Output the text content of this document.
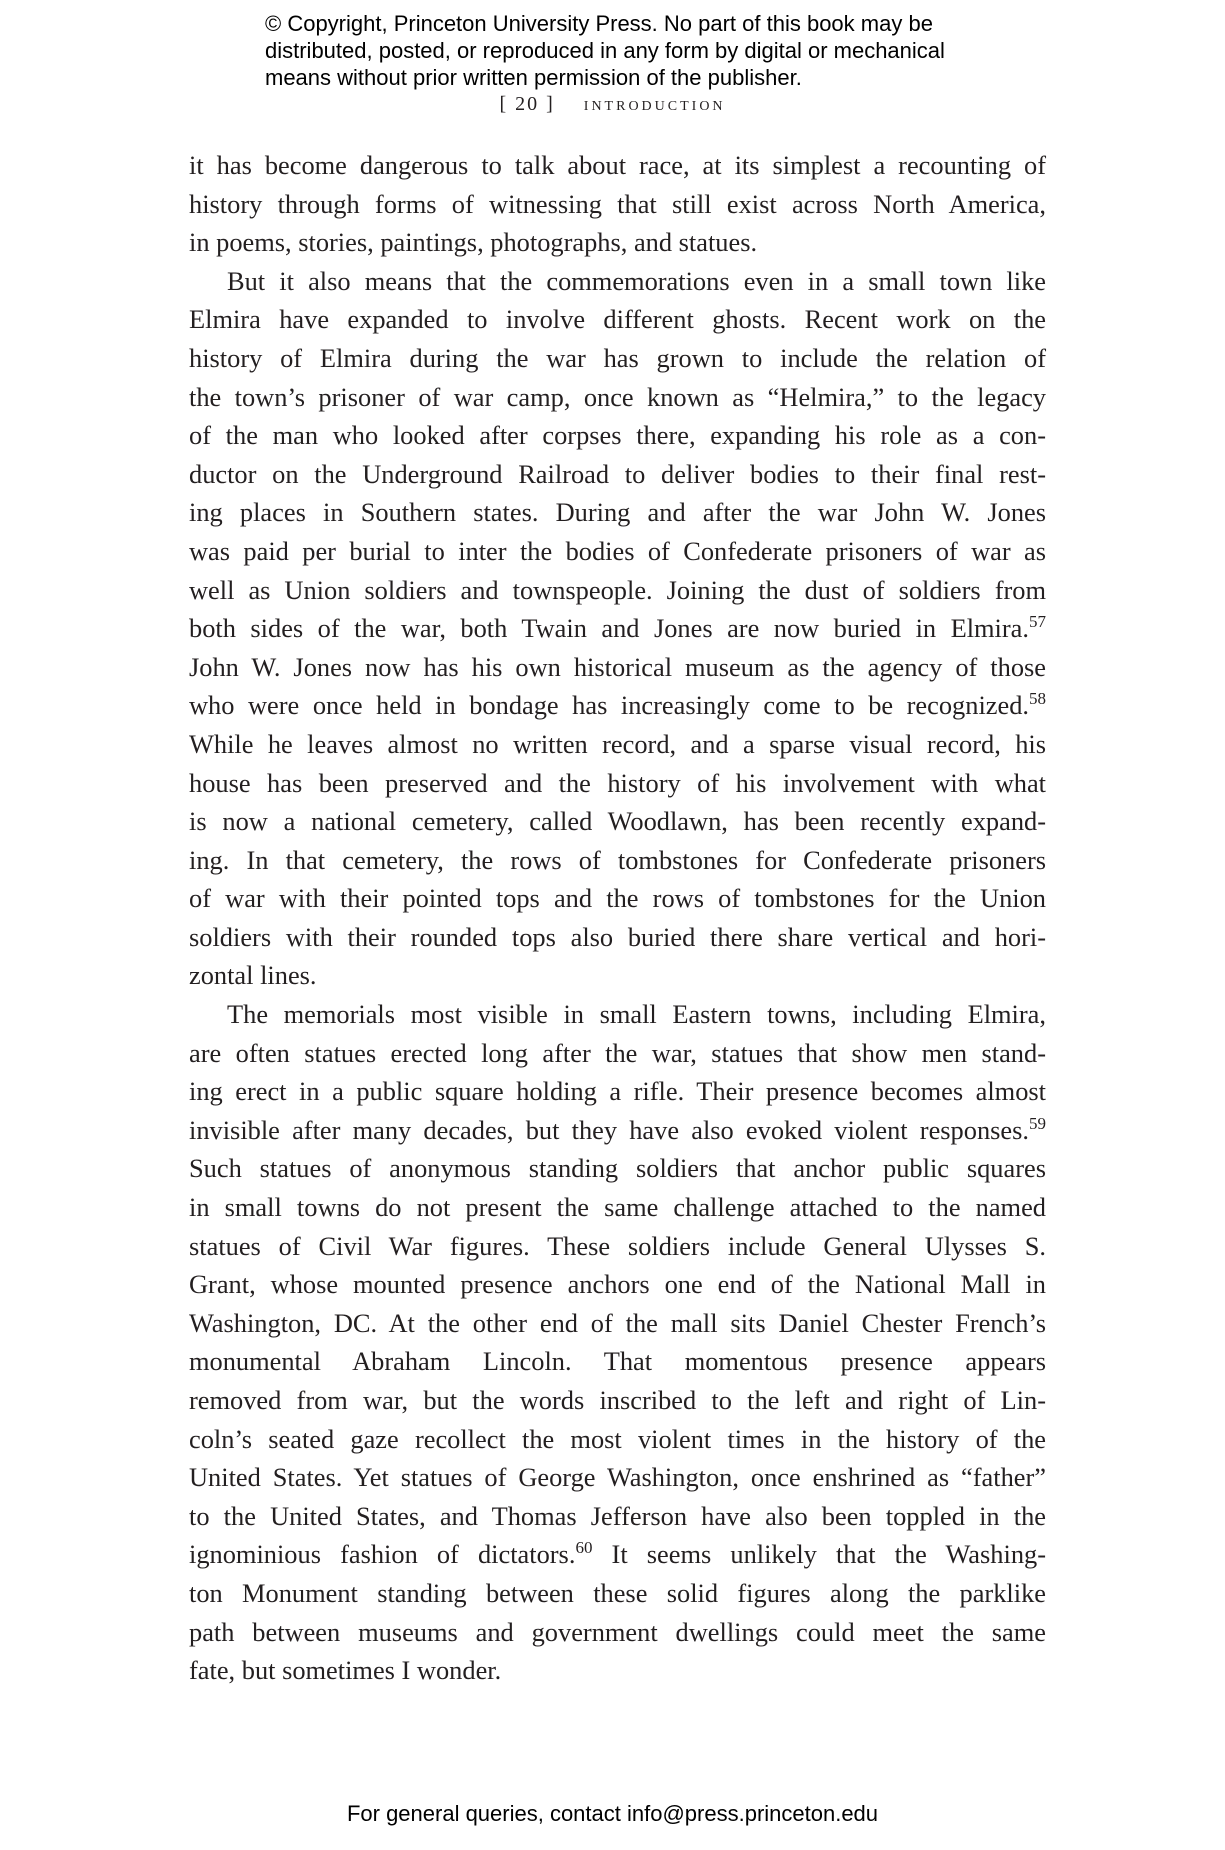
© Copyright, Princeton University Press. No part of this book may be

distributed, posted, or reproduced in any form by digital or mechanical

means without prior written permission of the publisher.

[ 20 ] introduction
it has become dangerous to talk about race, at its simplest a recounting of
history through forms of witnessing that still exist across North America,
in poems, stories, paintings, photographs, and statues.
But it also means that the commemorations even in a small town like
Elmira have expanded to involve different ghosts. Recent work on the
history of Elmira during the war has grown to include the relation of
the town’s prisoner of war camp, once known as “Helmira,” to the legacy
of the man who looked after corpses there, expanding his role as a con-
ductor on the Underground Railroad to deliver bodies to their final rest-
ing places in Southern states. During and after the war John W. Jones
was paid per burial to inter the bodies of Confederate prisoners of war as
well as Union soldiers and townspeople. Joining the dust of soldiers from
both sides of the war, both Twain and Jones are now buried in Elmira.$^{57}$
John W. Jones now has his own historical museum as the agency of those
who were once held in bondage has increasingly come to be recognized.$^{58}$
While he leaves almost no written record, and a sparse visual record, his
house has been preserved and the history of his involvement with what
is now a national cemetery, called Woodlawn, has been recently expand-
ing. In that cemetery, the rows of tombstones for Confederate prisoners
of war with their pointed tops and the rows of tombstones for the Union
soldiers with their rounded tops also buried there share vertical and hori-
zontal lines.
The memorials most visible in small Eastern towns, including Elmira,
are often statues erected long after the war, statues that show men stand-
ing erect in a public square holding a rifle. Their presence becomes almost
invisible after many decades, but they have also evoked violent responses.$^{59}$
Such statues of anonymous standing soldiers that anchor public squares
in small towns do not present the same challenge attached to the named
statues of Civil War figures. These soldiers include General Ulysses S.
Grant, whose mounted presence anchors one end of the National Mall in
Washington, DC. At the other end of the mall sits Daniel Chester French’s
monumental Abraham Lincoln. That momentous presence appears
removed from war, but the words inscribed to the left and right of Lin-
coln’s seated gaze recollect the most violent times in the history of the
United States. Yet statues of George Washington, once enshrined as “father”
to the United States, and Thomas Jefferson have also been toppled in the
ignominious fashion of dictators.$^{60}$ It seems unlikely that the Washing-
ton Monument standing between these solid figures along the parklike
path between museums and government dwellings could meet the same
fate, but sometimes I wonder.
For general queries, contact info@press.princeton.edu
